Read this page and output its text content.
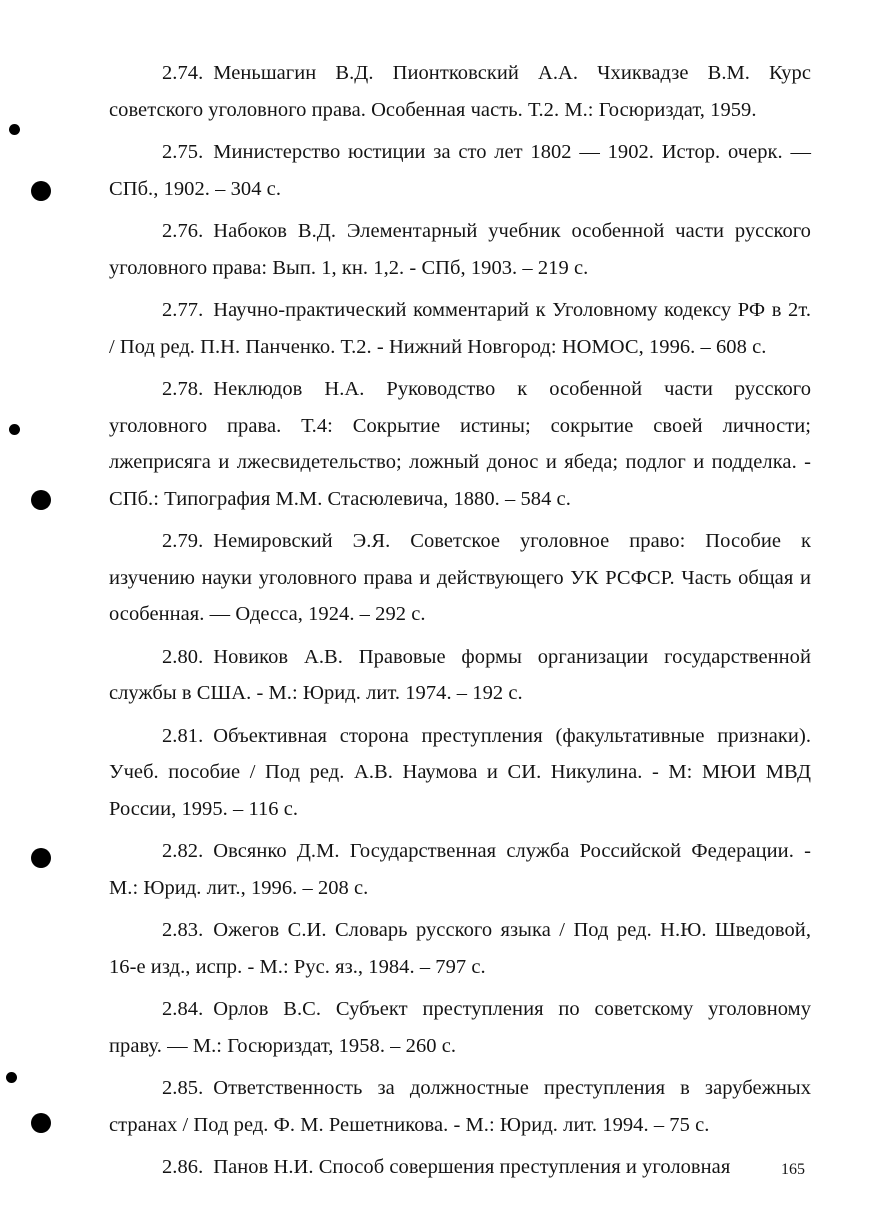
2.74. Меньшагин В.Д. Пионтковский А.А. Чхиквадзе В.М. Курс советского уголовного права. Особенная часть. Т.2. М.: Госюриздат, 1959.

2.75. Министерство юстиции за сто лет 1802 — 1902. Истор. очерк. — СПб., 1902. – 304 с.

2.76. Набоков В.Д. Элементарный учебник особенной части русского уголовного права: Вып. 1, кн. 1,2. - СПб, 1903. – 219 с.

2.77. Научно-практический комментарий к Уголовному кодексу РФ в 2т. / Под ред. П.Н. Панченко. Т.2. - Нижний Новгород: НОМОС, 1996. – 608 с.

2.78. Неклюдов Н.А. Руководство к особенной части русского уголовного права. Т.4: Сокрытие истины; сокрытие своей личности; лжеприсяга и лжесвидетельство; ложный донос и ябеда; подлог и подделка. - СПб.: Типография М.М. Стасюлевича, 1880. – 584 с.

2.79. Немировский Э.Я. Советское уголовное право: Пособие к изучению науки уголовного права и действующего УК РСФСР. Часть общая и особенная. — Одесса, 1924. – 292 с.

2.80. Новиков А.В. Правовые формы организации государственной службы в США. - М.: Юрид. лит. 1974. – 192 с.

2.81. Объективная сторона преступления (факультативные признаки). Учеб. пособие / Под ред. А.В. Наумова и СИ. Никулина. - М: МЮИ МВД России, 1995. – 116 с.

2.82. Овсянко Д.М. Государственная служба Российской Федерации. - М.: Юрид. лит., 1996. – 208 с.

2.83. Ожегов С.И. Словарь русского языка / Под ред. Н.Ю. Шведовой, 16-е изд., испр. - М.: Рус. яз., 1984. – 797 с.

2.84. Орлов В.С. Субъект преступления по советскому уголовному праву. — М.: Госюриздат, 1958. – 260 с.

2.85. Ответственность за должностные преступления в зарубежных странах / Под ред. Ф. М. Решетникова. - М.: Юрид. лит. 1994. – 75 с.

2.86. Панов Н.И. Способ совершения преступления и уголовная	165
